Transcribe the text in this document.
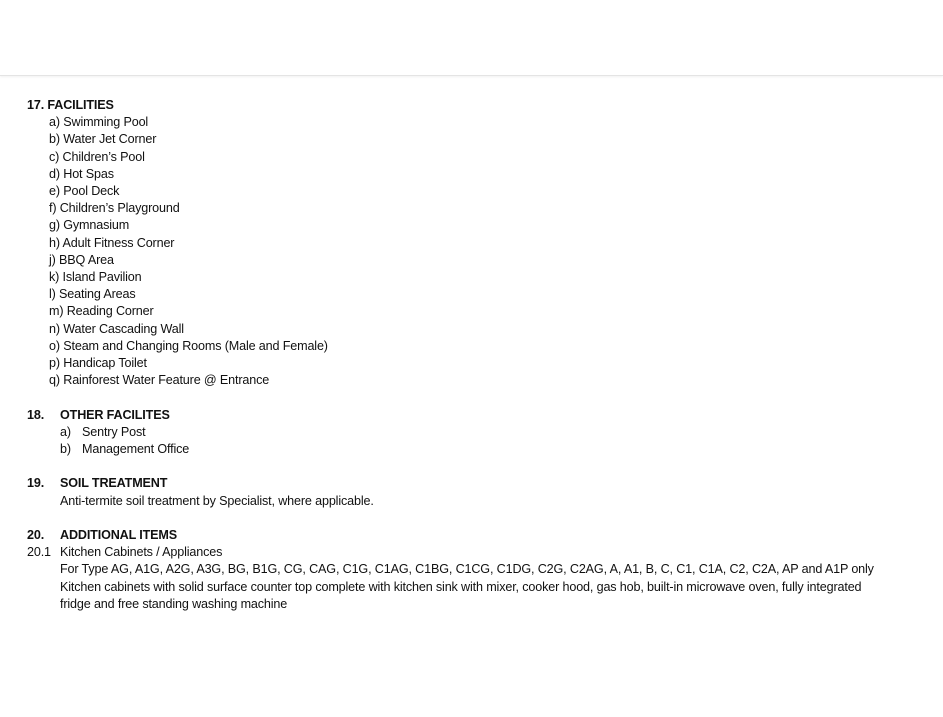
17. FACILITIES
a) Swimming Pool
b) Water Jet Corner
c) Children’s Pool
d) Hot Spas
e) Pool Deck
f) Children’s Playground
g) Gymnasium
h) Adult Fitness Corner
j) BBQ Area
k) Island Pavilion
l) Seating Areas
m) Reading Corner
n) Water Cascading Wall
o) Steam and Changing Rooms (Male and Female)
p) Handicap Toilet
q) Rainforest Water Feature @ Entrance
18. OTHER FACILITES
a) Sentry Post
b) Management Office
19. SOIL TREATMENT
Anti-termite soil treatment by Specialist, where applicable.
20. ADDITIONAL ITEMS
20.1 Kitchen Cabinets / Appliances
For Type AG, A1G, A2G, A3G, BG, B1G, CG, CAG, C1G, C1AG, C1BG, C1CG, C1DG, C2G, C2AG, A, A1, B, C, C1, C1A, C2, C2A, AP and A1P only
Kitchen cabinets with solid surface counter top complete with kitchen sink with mixer, cooker hood, gas hob, built-in microwave oven, fully integrated
fridge and free standing washing machine
